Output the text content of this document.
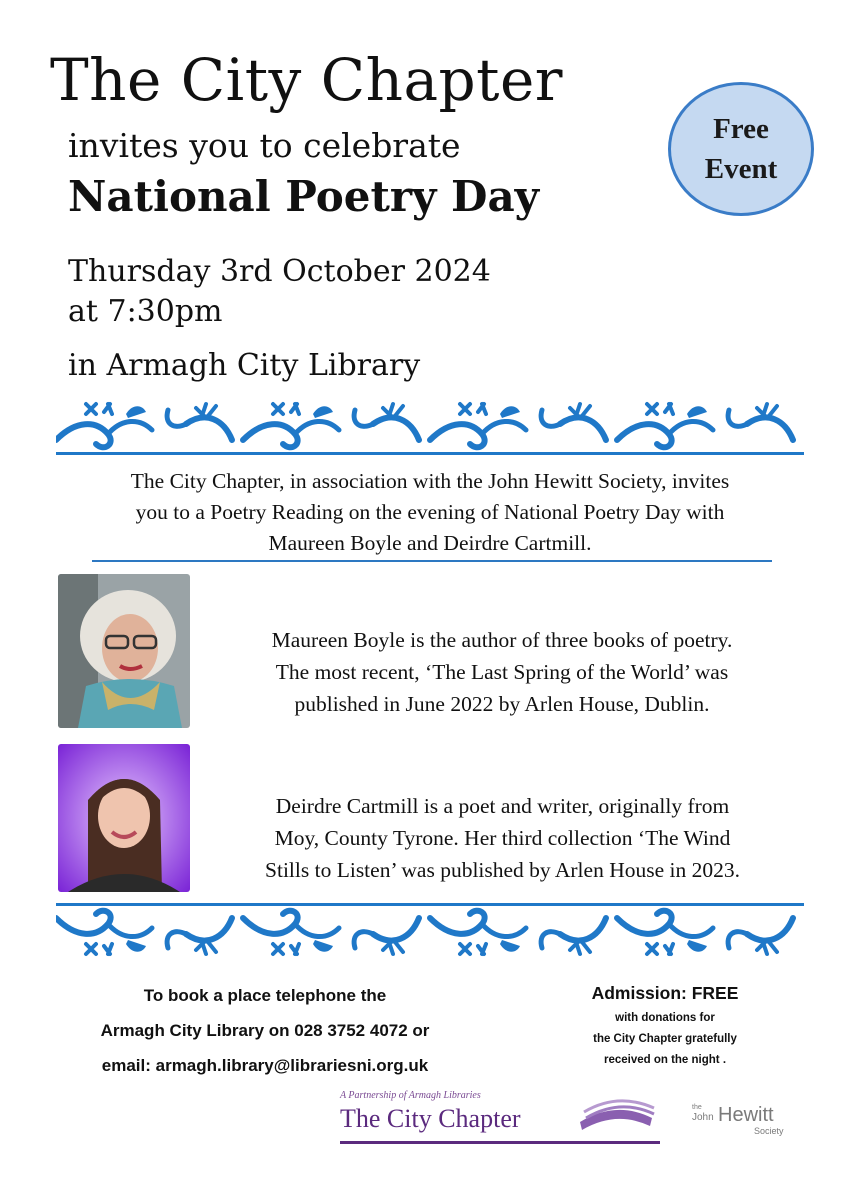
The City Chapter
invites you to celebrate
National Poetry Day
Thursday 3rd October 2024
at 7:30pm
in Armagh City Library
Free
Event
The City Chapter, in association with the John Hewitt Society, invites
you to a Poetry Reading on the evening of National Poetry Day with
Maureen Boyle and Deirdre Cartmill.
Maureen Boyle is the author of three books of poetry.
The most recent, ‘The Last Spring of the World’ was
published in June 2022 by Arlen House, Dublin.
Deirdre Cartmill is a poet and writer, originally from
Moy, County Tyrone. Her third collection ‘The Wind
Stills to Listen’ was published by Arlen House in 2023.
To book a place telephone the
Armagh City Library on 028 3752 4072 or
email: armagh.library@librariesni.org.uk
Admission: FREE
with donations for
the City Chapter gratefully
received on the night .
A Partnership of Armagh Libraries
The City Chapter	the
John Hewitt
Society
